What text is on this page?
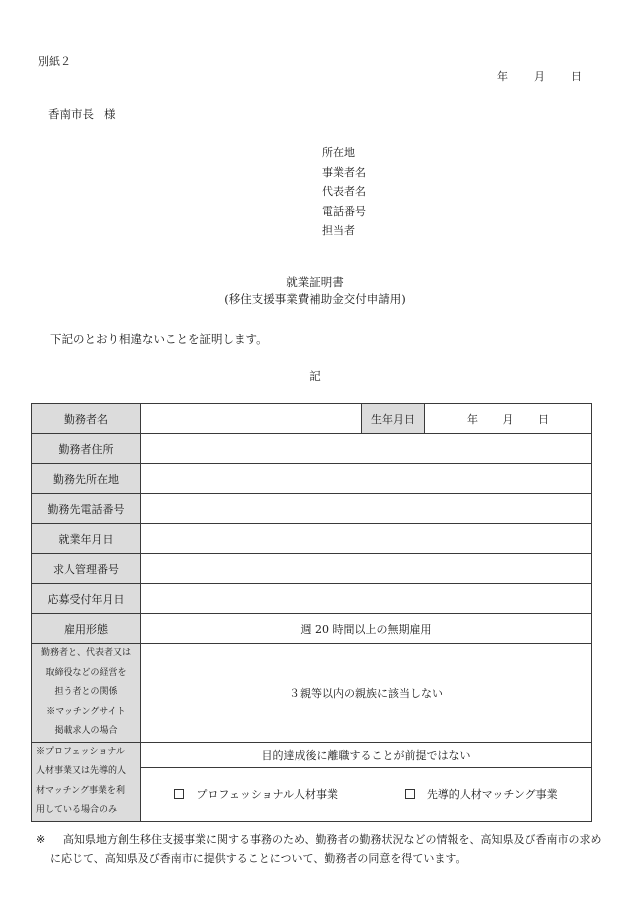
別紙２
年 月 日
香南市長 様
所在地
事業者名
代表者名
電話番号
担当者
就業証明書
(移住支援事業費補助金交付申請用)
下記のとおり相違ないことを証明します。
記
勤務者名		生年月日	年 月 日

勤務者住所			
勤務先所在地			
勤務先電話番号			
就業年月日			
求人管理番号			
応募受付年月日			
雇用形態	週 20 時間以上の無期雇用		

勤務者と、代表者又は
取締役などの経営を
担う者との関係
※マッチングサイト
掲載求人の場合	３親等以内の親族に該当しない		

※プロフェッショナル
人材事業又は先導的人
材マッチング事業を利
用している場合のみ	目的達成後に離職することが前提ではない		

	プロフェッショナル人材事業 先導的人材マッチング事業		
※	高知県地方創生移住支援事業に関する事務のため、勤務者の勤務状況などの情報を、高知県及び香南市の求めに応じて、高知県及び香南市に提供することについて、勤務者の同意を得ています。
